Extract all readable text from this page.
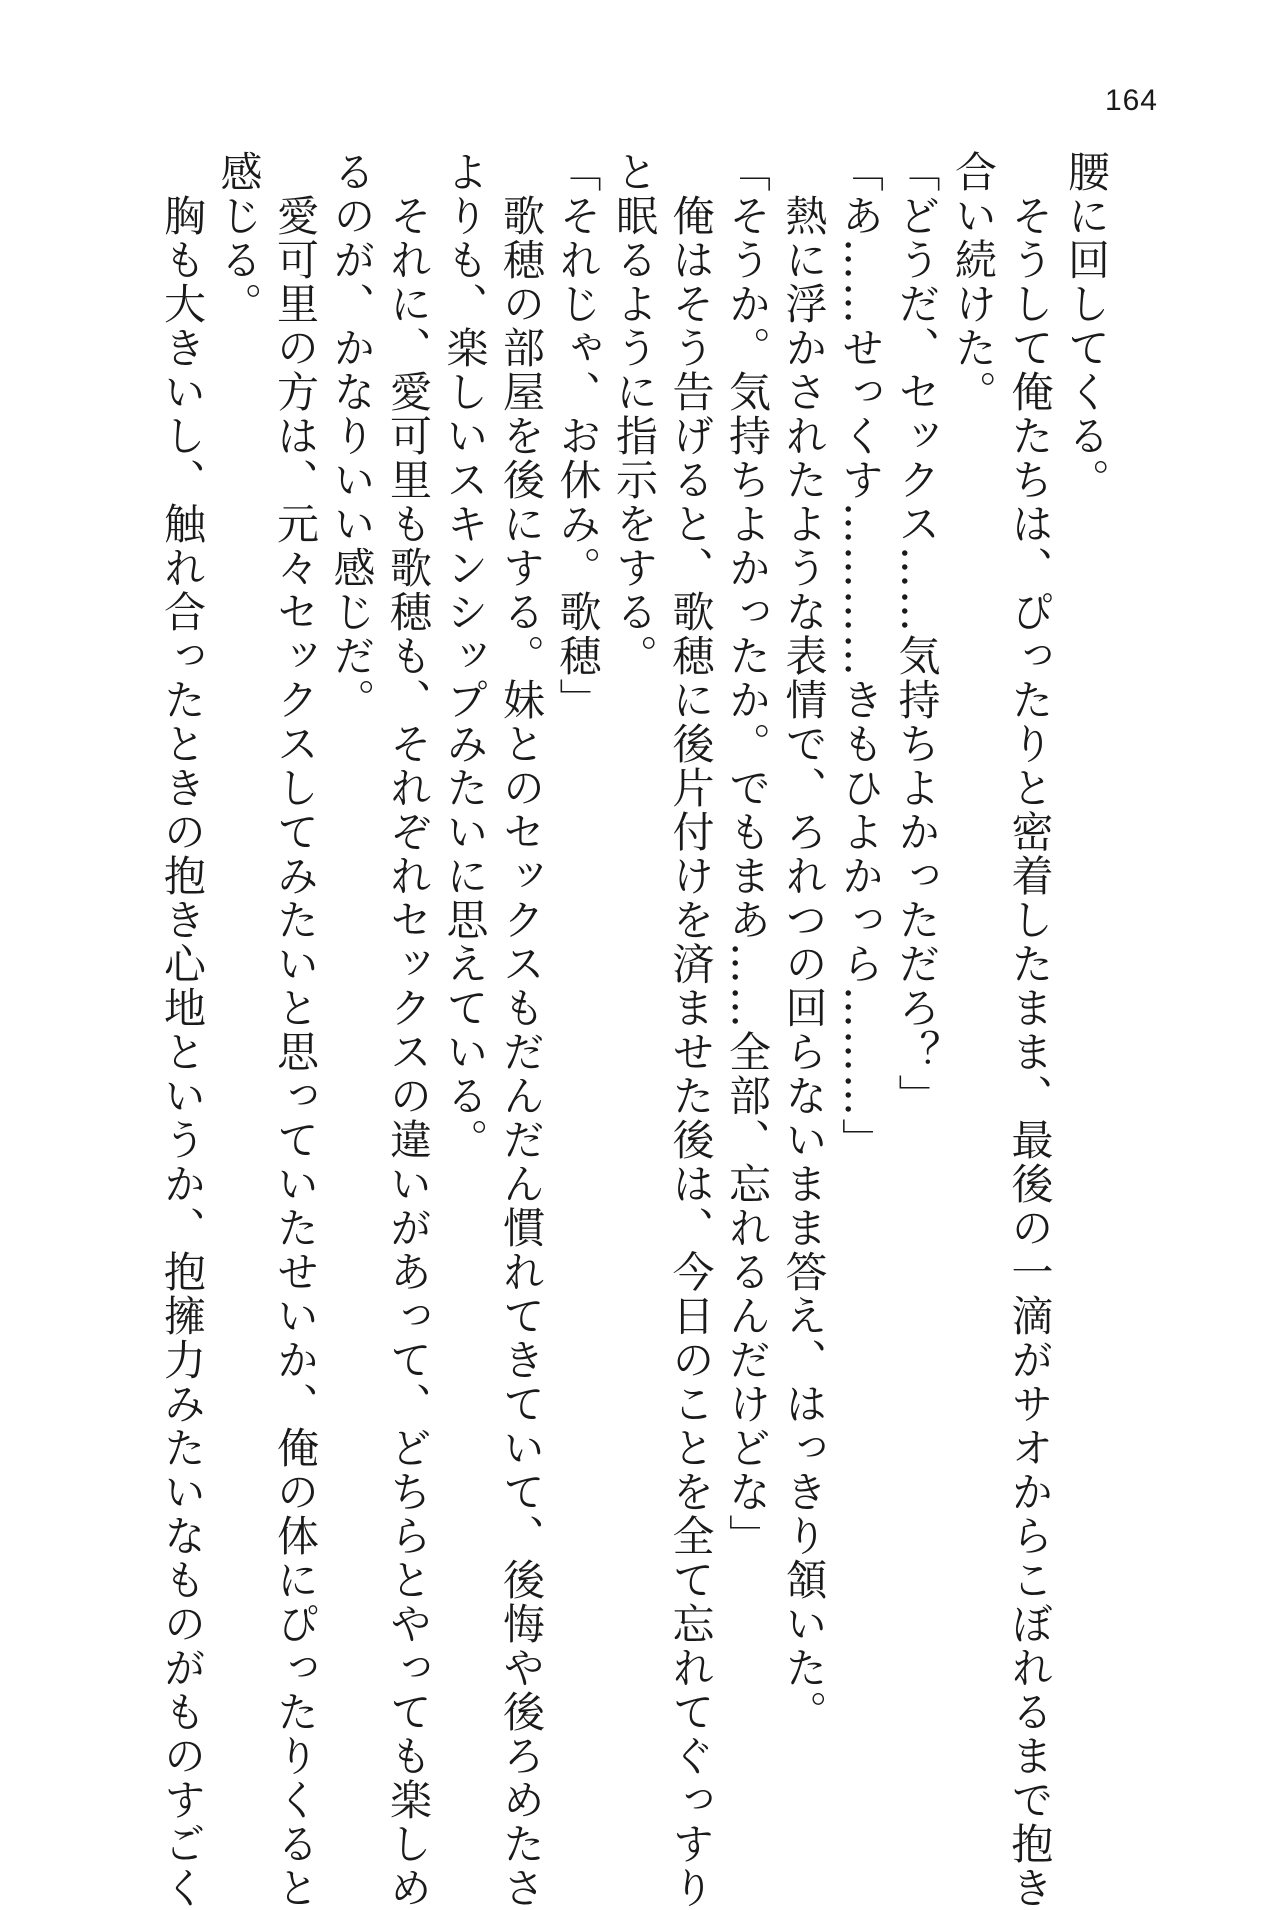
164
腰に回してくる。
　そうして俺たちは、ぴったりと密着したまま、最後の一滴がサオからこぼれるまで抱き
合い続けた。
「どうだ、セックス……気持ちよかっただろ？」
「あ……せっくす…………きもひよかっら………」
　熱に浮かされたような表情で、ろれつの回らないまま答え、はっきり頷いた。
「そうか。気持ちよかったか。でもまあ……全部、忘れるんだけどな」
　俺はそう告げると、歌穂に後片付けを済ませた後は、今日のことを全て忘れてぐっすり
と眠るように指示をする。
「それじゃ、お休み。歌穂」
　歌穂の部屋を後にする。妹とのセックスもだんだん慣れてきていて、後悔や後ろめたさ
よりも、楽しいスキンシップみたいに思えている。
　それに、愛可里も歌穂も、それぞれセックスの違いがあって、どちらとやっても楽しめ
るのが、かなりいい感じだ。
　愛可里の方は、元々セックスしてみたいと思っていたせいか、俺の体にぴったりくると
感じる。
　胸も大きいし、触れ合ったときの抱き心地というか、抱擁力みたいなものがものすごく
